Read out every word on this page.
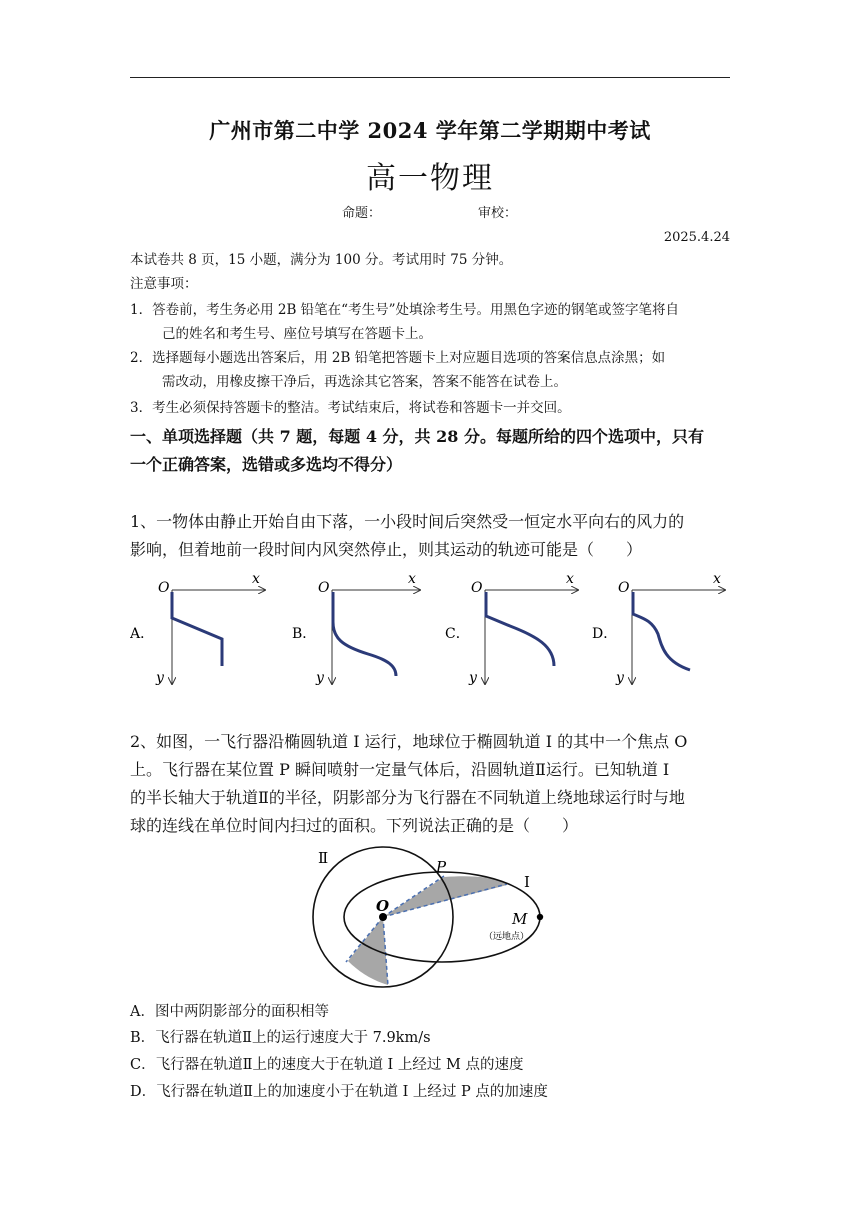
广州市第二中学 2024 学年第二学期期中考试
高一物理
命题：	审校：
2025.4.24
本试卷共 8 页，15 小题，满分为 100 分。考试用时 75 分钟。
注意事项：
1．答卷前，考生务必用 2B 铅笔在“考生号”处填涂考生号。用黑色字迹的钢笔或签字笔将自
己的姓名和考生号、座位号填写在答题卡上。
2．选择题每小题选出答案后，用 2B 铅笔把答题卡上对应题目选项的答案信息点涂黑；如
需改动，用橡皮擦干净后，再选涂其它答案，答案不能答在试卷上。
3．考生必须保持答题卡的整洁。考试结束后，将试卷和答题卡一并交回。
一、单项选择题（共 7 题，每题 4 分，共 28 分。每题所给的四个选项中，只有
一个正确答案，选错或多选均不得分）
1、一物体由静止开始自由下落，一小段时间后突然受一恒定水平向右的风力的
影响，但着地前一段时间内风突然停止，则其运动的轨迹可能是（　　）
O
x
y
A．
O
x
y
B．
O
x
y
C．
O
x
y
D．
2、如图，一飞行器沿椭圆轨道 I 运行，地球位于椭圆轨道 I 的其中一个焦点 O
上。飞行器在某位置 P 瞬间喷射一定量气体后，沿圆轨道Ⅱ运行。已知轨道 I
的半长轴大于轨道Ⅱ的半径，阴影部分为飞行器在不同轨道上绕地球运行时与地
球的连线在单位时间内扫过的面积。下列说法正确的是（　　）
Ⅱ
I
P
O
M
（远地点）
A．图中两阴影部分的面积相等
B．飞行器在轨道Ⅱ上的运行速度大于 7.9km/s
C．飞行器在轨道Ⅱ上的速度大于在轨道 I 上经过 M 点的速度
D．飞行器在轨道Ⅱ上的加速度小于在轨道 I 上经过 P 点的加速度
